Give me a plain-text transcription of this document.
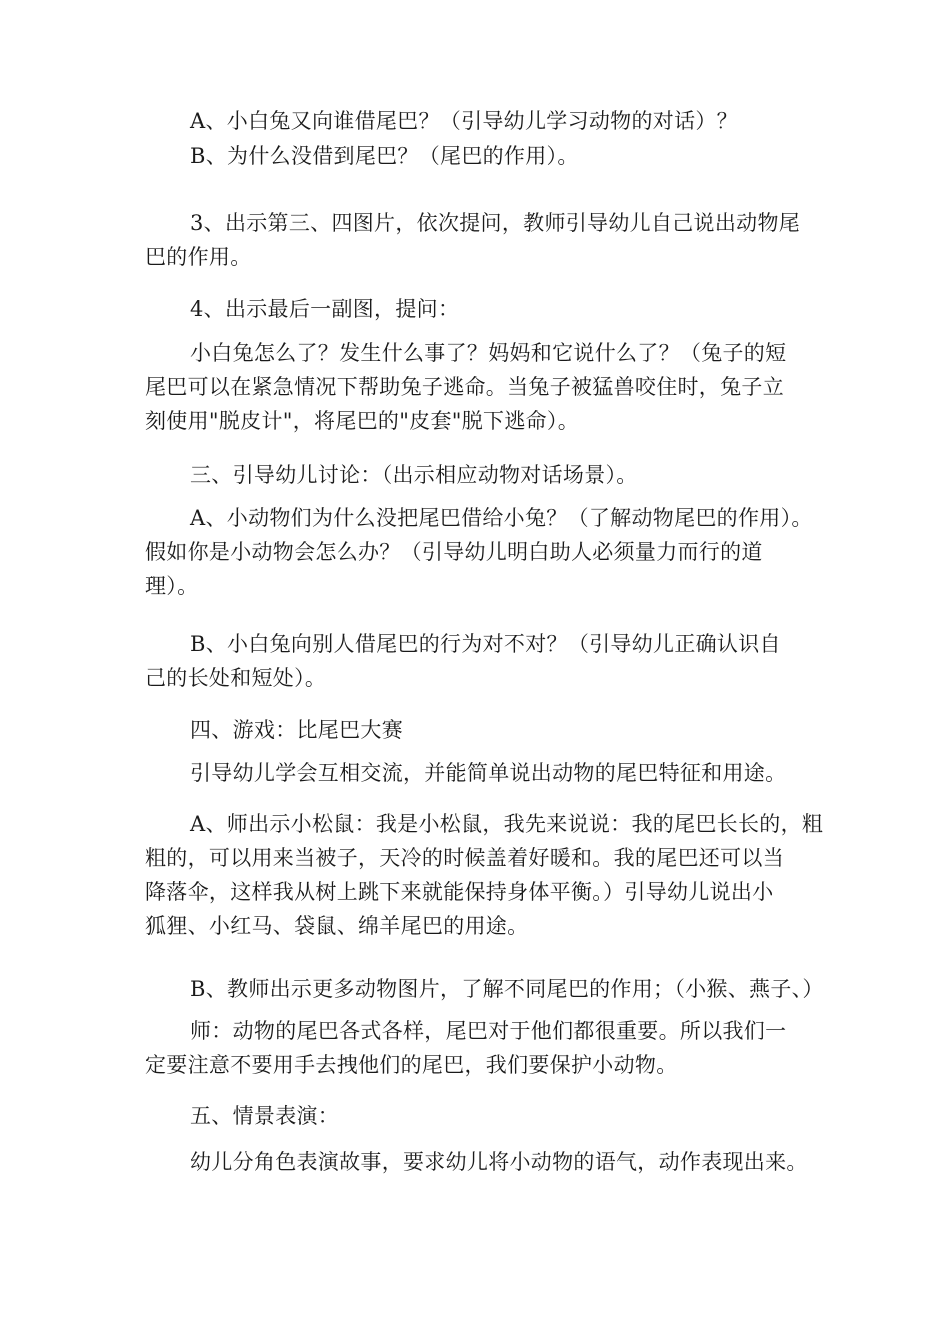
A、小白兔又向谁借尾巴？（引导幼儿学习动物的对话）？
B、为什么没借到尾巴？（尾巴的作用）。
3、出示第三、四图片，依次提问，教师引导幼儿自己说出动物尾
巴的作用。
4、出示最后一副图，提问：
小白兔怎么了？发生什么事了？妈妈和它说什么了？（兔子的短
尾巴可以在紧急情况下帮助兔子逃命。当兔子被猛兽咬住时，兔子立
刻使用"脱皮计"，将尾巴的"皮套"脱下逃命）。
三、引导幼儿讨论：（出示相应动物对话场景）。
A、小动物们为什么没把尾巴借给小兔？（了解动物尾巴的作用）。
假如你是小动物会怎么办？（引导幼儿明白助人必须量力而行的道
理）。
B、小白兔向别人借尾巴的行为对不对？（引导幼儿正确认识自
己的长处和短处）。
四、游戏：比尾巴大赛
引导幼儿学会互相交流，并能简单说出动物的尾巴特征和用途。
A、师出示小松鼠：我是小松鼠，我先来说说：我的尾巴长长的，粗
粗的，可以用来当被子，天冷的时候盖着好暖和。我的尾巴还可以当
降落伞，这样我从树上跳下来就能保持身体平衡。）引导幼儿说出小
狐狸、小红马、袋鼠、绵羊尾巴的用途。
B、教师出示更多动物图片，了解不同尾巴的作用；（小猴、燕子、）
师：动物的尾巴各式各样，尾巴对于他们都很重要。所以我们一
定要注意不要用手去拽他们的尾巴，我们要保护小动物。
五、情景表演：
幼儿分角色表演故事，要求幼儿将小动物的语气，动作表现出来。
